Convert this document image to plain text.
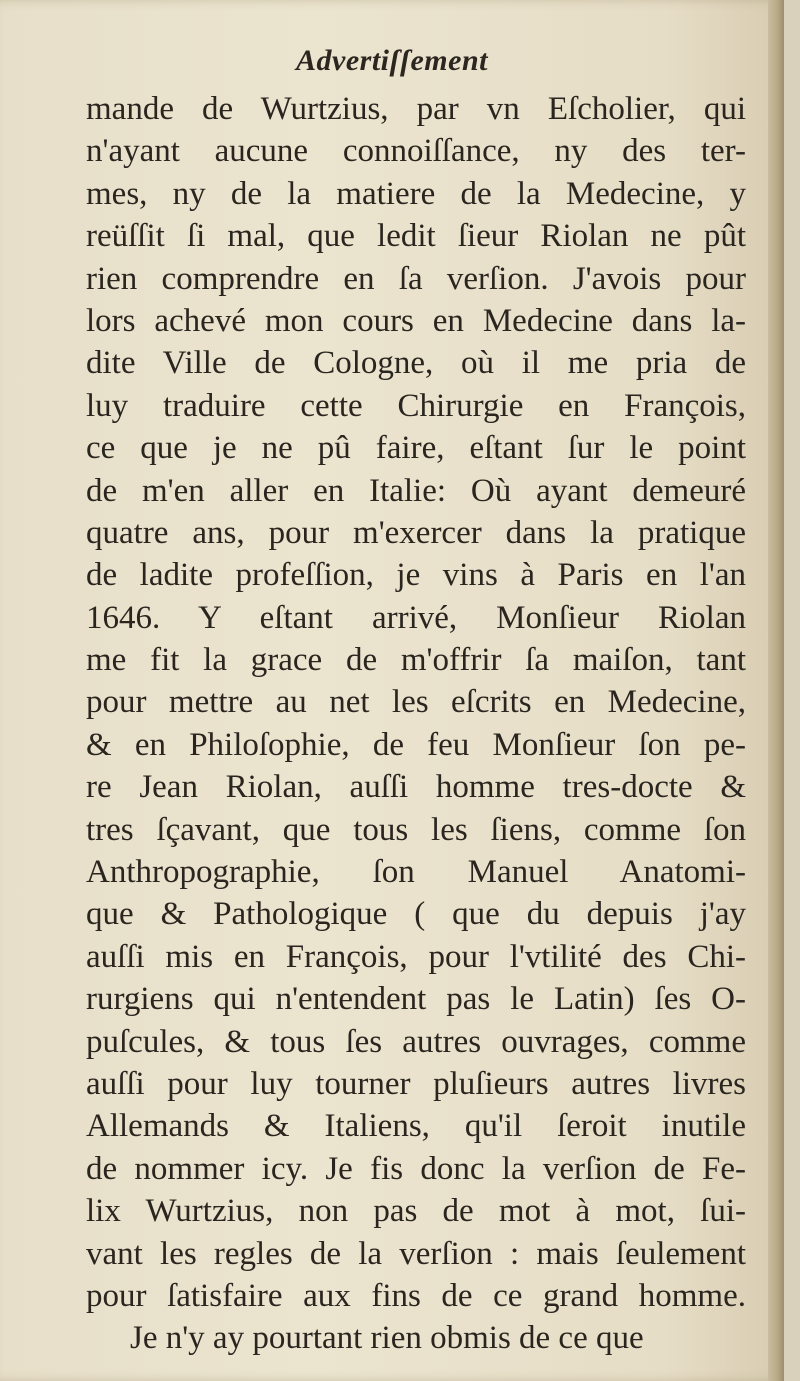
Advertiſſement
mande de Wurtzius, par vn Eſcholier, qui
n'ayant aucune connoiſſance, ny des ter-
mes, ny de la matiere de la Medecine, y
reüſſit ſi mal, que ledit ſieur Riolan ne pût
rien comprendre en ſa verſion. J'avois pour
lors achevé mon cours en Medecine dans la-
dite Ville de Cologne, où il me pria de
luy traduire cette Chirurgie en François,
ce que je ne pû faire, eſtant ſur le point
de m'en aller en Italie: Où ayant demeuré
quatre ans, pour m'exercer dans la pratique
de ladite profeſſion, je vins à Paris en l'an
1646. Y eſtant arrivé, Monſieur Riolan
me fit la grace de m'offrir ſa maiſon, tant
pour mettre au net les eſcrits en Medecine,
& en Philoſophie, de feu Monſieur ſon pe-
re Jean Riolan, auſſi homme tres-docte &
tres ſçavant, que tous les ſiens, comme ſon
Anthropographie, ſon Manuel Anatomi-
que & Pathologique ( que du depuis j'ay
auſſi mis en François, pour l'vtilité des Chi-
rurgiens qui n'entendent pas le Latin) ſes O-
puſcules, & tous ſes autres ouvrages, comme
auſſi pour luy tourner pluſieurs autres livres
Allemands & Italiens, qu'il ſeroit inutile
de nommer icy. Je fis donc la verſion de Fe-
lix Wurtzius, non pas de mot à mot, ſui-
vant les regles de la verſion : mais ſeulement
pour ſatisfaire aux fins de ce grand homme.
Je n'y ay pourtant rien obmis de ce que
